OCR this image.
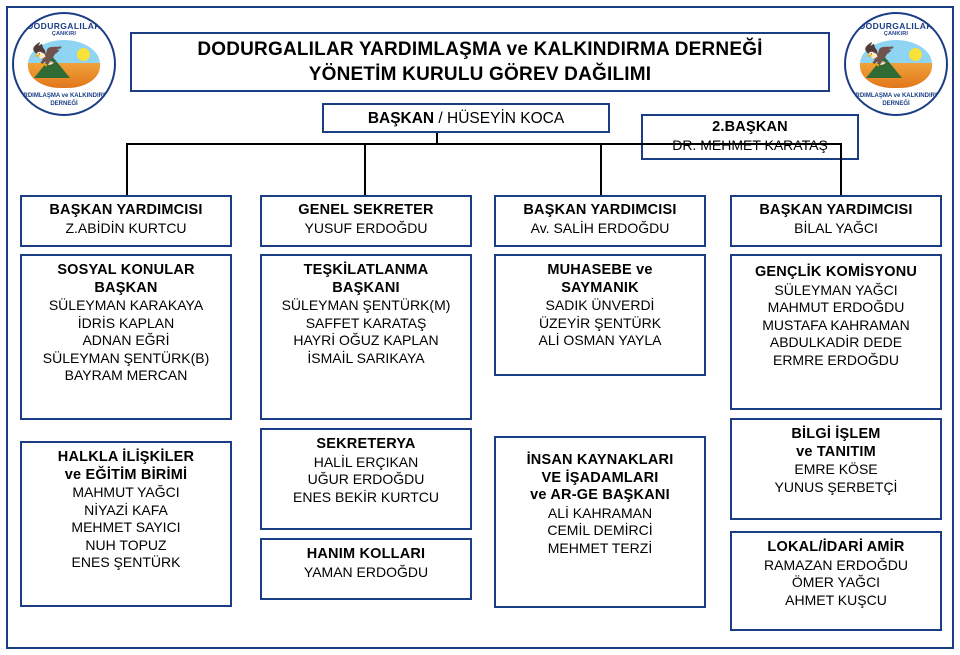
DODURGALILAR
ÇANKIRI
🦅
YARDIMLAŞMA ve KALKINDIRMA DERNEĞİ
DODURGALILAR
ÇANKIRI
🦅
YARDIMLAŞMA ve KALKINDIRMA DERNEĞİ
DODURGALILAR YARDIMLAŞMA ve KALKINDIRMA DERNEĞİ
YÖNETİM KURULU GÖREV DAĞILIMI
BAŞKAN / HÜSEYİN KOCA	2.BAŞKAN
BAŞKAN YARDIMCISI
Z.ABİDİN KURTCU
SOSYAL KONULAR
BAŞKAN
SÜLEYMAN KARAKAYA
İDRİS KAPLAN
ADNAN EĞRİ
SÜLEYMAN ŞENTÜRK(B)
BAYRAM MERCAN
HALKLA İLİŞKİLER
ve EĞİTİM BİRİMİ
MAHMUT YAĞCI
NİYAZİ KAFA
MEHMET SAYICI
NUH TOPUZ
ENES ŞENTÜRK
GENEL SEKRETER
YUSUF ERDOĞDU
TEŞKİLATLANMA
BAŞKANI
SÜLEYMAN ŞENTÜRK(M)
SAFFET KARATAŞ
HAYRİ OĞUZ KAPLAN
İSMAİL SARIKAYA
SEKRETERYA
HALİL ERÇIKAN
UĞUR ERDOĞDU
ENES BEKİR KURTCU
HANIM KOLLARI
YAMAN ERDOĞDU
BAŞKAN YARDIMCISI
Av. SALİH ERDOĞDU
MUHASEBE ve
SAYMANIK
SADIK ÜNVERDİ
ÜZEYİR ŞENTÜRK
ALİ OSMAN YAYLA
İNSAN KAYNAKLARI
VE İŞADAMLARI
ve AR-GE BAŞKANI
ALİ KAHRAMAN
CEMİL DEMİRCİ
MEHMET TERZİ
BAŞKAN YARDIMCISI
BİLAL YAĞCI
GENÇLİK KOMİSYONU
SÜLEYMAN YAĞCI
MAHMUT ERDOĞDU
MUSTAFA KAHRAMAN
ABDULKADİR DEDE
ERMRE ERDOĞDU
BİLGİ İŞLEM
ve TANITIM
EMRE KÖSE
YUNUS ŞERBETÇİ
LOKAL/İDARİ AMİR
RAMAZAN ERDOĞDU
ÖMER YAĞCI
AHMET KUŞCU
